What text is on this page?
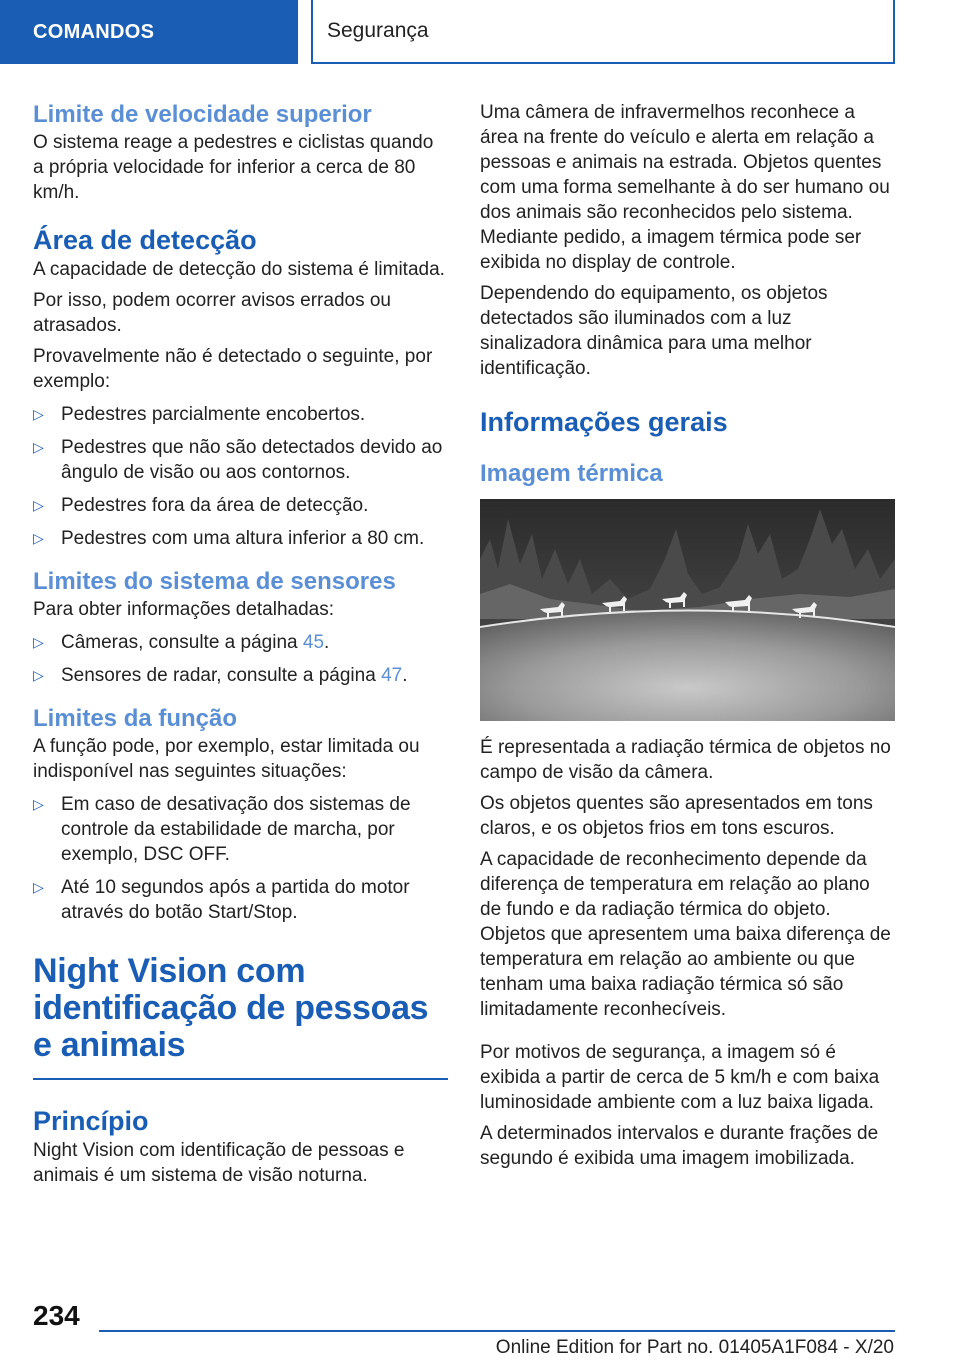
COMANDOS	Segurança
Limite de velocidade superior

O sistema reage a pedestres e ciclistas quando a própria velocidade for inferior a cerca de 80 km/h.

Área de detecção

A capacidade de detecção do sistema é limitada.

Por isso, podem ocorrer avisos errados ou atrasados.

Provavelmente não é detectado o seguinte, por exemplo:

▷ Pedestres parcialmente encobertos.
▷ Pedestres que não são detectados devido ao ângulo de visão ou aos contornos.
▷ Pedestres fora da área de detecção.
▷ Pedestres com uma altura inferior a 80 cm.
Limites do sistema de sensores

Para obter informações detalhadas:

▷ Câmeras, consulte a página 45.
▷ Sensores de radar, consulte a página 47.
Limites da função

A função pode, por exemplo, estar limitada ou indisponível nas seguintes situações:

▷ Em caso de desativação dos sistemas de controle da estabilidade de marcha, por exemplo, DSC OFF.
▷ Até 10 segundos após a partida do motor através do botão Start/Stop.
Night Vision com identificação de pessoas e animais
Princípio

Night Vision com identificação de pessoas e animais é um sistema de visão noturna.

Uma câmera de infravermelhos reconhece a área na frente do veículo e alerta em relação a pessoas e animais na estrada. Objetos quentes com uma forma semelhante à do ser humano ou dos animais são reconhecidos pelo sistema. Mediante pedido, a imagem térmica pode ser exibida no display de controle.

Dependendo do equipamento, os objetos detectados são iluminados com a luz sinalizadora dinâmica para uma melhor identificação.

Informações gerais
Imagem térmica

É representada a radiação térmica de objetos no campo de visão da câmera.

Os objetos quentes são apresentados em tons claros, e os objetos frios em tons escuros.

A capacidade de reconhecimento depende da diferença de temperatura em relação ao plano de fundo e da radiação térmica do objeto. Objetos que apresentem uma baixa diferença de temperatura em relação ao ambiente ou que tenham uma baixa radiação térmica só são limitadamente reconhecíveis.

Por motivos de segurança, a imagem só é exibida a partir de cerca de 5 km/h e com baixa luminosidade ambiente com a luz baixa ligada.

A determinados intervalos e durante frações de segundo é exibida uma imagem imobilizada.

234
Online Edition for Part no. 01405A1F084 - X/20
